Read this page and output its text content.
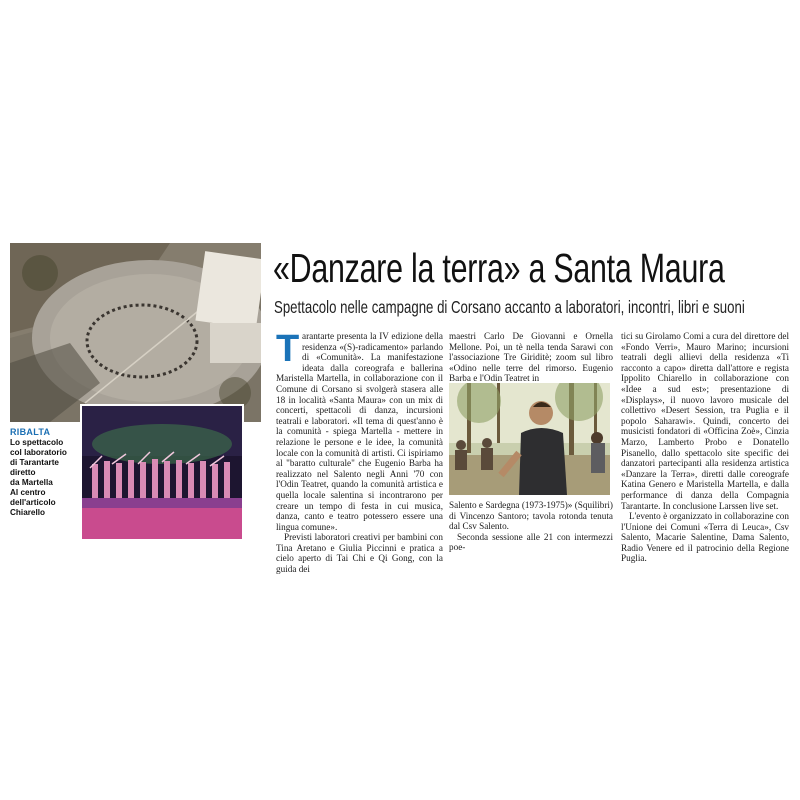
RIBALTA
Lo spettacolo
col laboratorio
di Tarantarte
diretto
da Martella
Al centro
dell'articolo
Chiarello
«Danzare la terra» a Santa Maura
Spettacolo nelle campagne di Corsano accanto a laboratori, incontri, libri e suoni

Tarantarte presenta la IV edizione della residenza «(S)-radicamento» parlando di «Comunità». La manifestazione ideata dalla coreografa e ballerina Maristella Martella, in collaborazione con il Comune di Corsano si svolgerà stasera alle 18 in località «Santa Maura» con un mix di concerti, spettacoli di danza, incursioni teatrali e laboratori. «Il tema di quest'anno è la comunità - spiega Martella - mettere in relazione le persone e le idee, la comunità locale con la comunità di artisti. Ci ispiriamo al "baratto culturale" che Eugenio Barba ha realizzato nel Salento negli Anni '70 con l'Odin Teatret, quando la comunità artistica e quella locale salentina si incontrarono per creare un tempo di festa in cui musica, danza, canto e teatro potessero essere una lingua comune».

Previsti laboratori creativi per bambini con Tina Aretano e Giulia Piccinni e pratica a cielo aperto di Tai Chi e Qi Gong, con la guida dei

maestri Carlo De Giovanni e Ornella Mellone. Poi, un tè nella tenda Sarawi con l'associazione Tre Giriditè; zoom sul libro «Odino nelle terre del rimorso. Eugenio Barba e l'Odin Teatret in

Salento e Sardegna (1973-1975)» (Squilibri) di Vincenzo Santoro; tavola rotonda tenuta dal Csv Salento.

Seconda sessione alle 21 con intermezzi poe-

tici su Girolamo Comi a cura del direttore del «Fondo Verri», Mauro Marino; incursioni teatrali degli allievi della residenza «Ti racconto a capo» diretta dall'attore e regista Ippolito Chiarello in collaborazione con «Idee a sud est»; presentazione di «Displays», il nuovo lavoro musicale del collettivo «Desert Session, tra Puglia e il popolo Saharawi». Quindi, concerto dei musicisti fondatori di «Officina Zoè», Cinzia Marzo, Lamberto Probo e Donatello Pisanello, dallo spettacolo site specific dei danzatori partecipanti alla residenza artistica «Danzare la Terra», diretti dalle coreografe Katina Genero e Maristella Martella, e dalla performance di danza della Compagnia Tarantarte. In conclusione Larssen live set.

L'evento è organizzato in collaborazine con l'Unione dei Comuni «Terra di Leuca», Csv Salento, Macarie Salentine, Dama Salento, Radio Venere ed il patrocinio della Regione Puglia.
